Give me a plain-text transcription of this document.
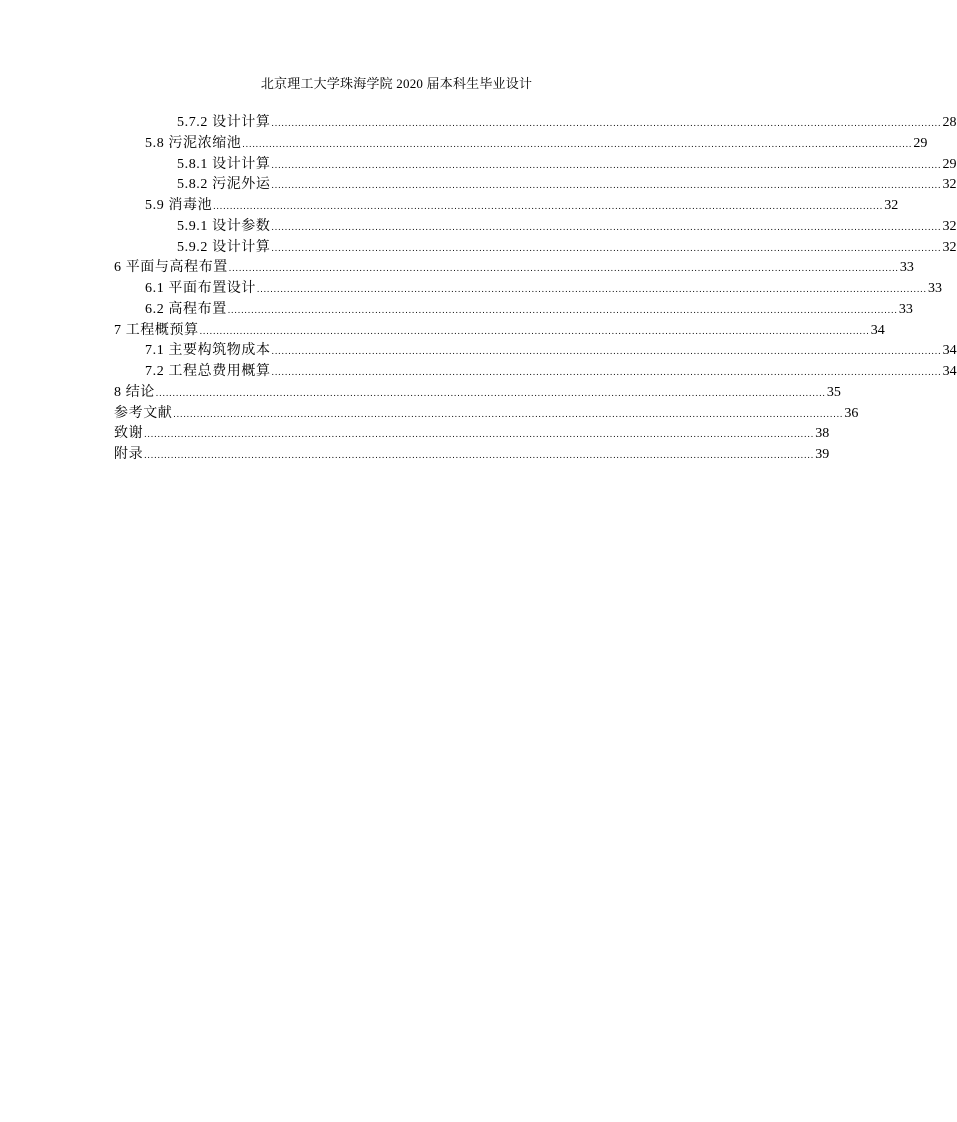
北京理工大学珠海学院 2020 届本科生毕业设计
5.7.2 设计计算 ........................................................................................................................................................................................................ 28
5.8 污泥浓缩池 ........................................................................................................................................................................................................ 29
5.8.1 设计计算 ........................................................................................................................................................................................................ 29
5.8.2 污泥外运 ........................................................................................................................................................................................................ 32
5.9 消毒池 ........................................................................................................................................................................................................ 32
5.9.1 设计参数 ........................................................................................................................................................................................................ 32
5.9.2 设计计算 ........................................................................................................................................................................................................ 32
6 平面与高程布置 ........................................................................................................................................................................................................ 33
6.1 平面布置设计 ........................................................................................................................................................................................................ 33
6.2 高程布置 ........................................................................................................................................................................................................ 33
7 工程概预算 ........................................................................................................................................................................................................ 34
7.1 主要构筑物成本 ........................................................................................................................................................................................................ 34
7.2 工程总费用概算 ........................................................................................................................................................................................................ 34
8 结论 ........................................................................................................................................................................................................ 35
参考文献 ........................................................................................................................................................................................................ 36
致谢 ........................................................................................................................................................................................................ 38
附录 ........................................................................................................................................................................................................ 39
